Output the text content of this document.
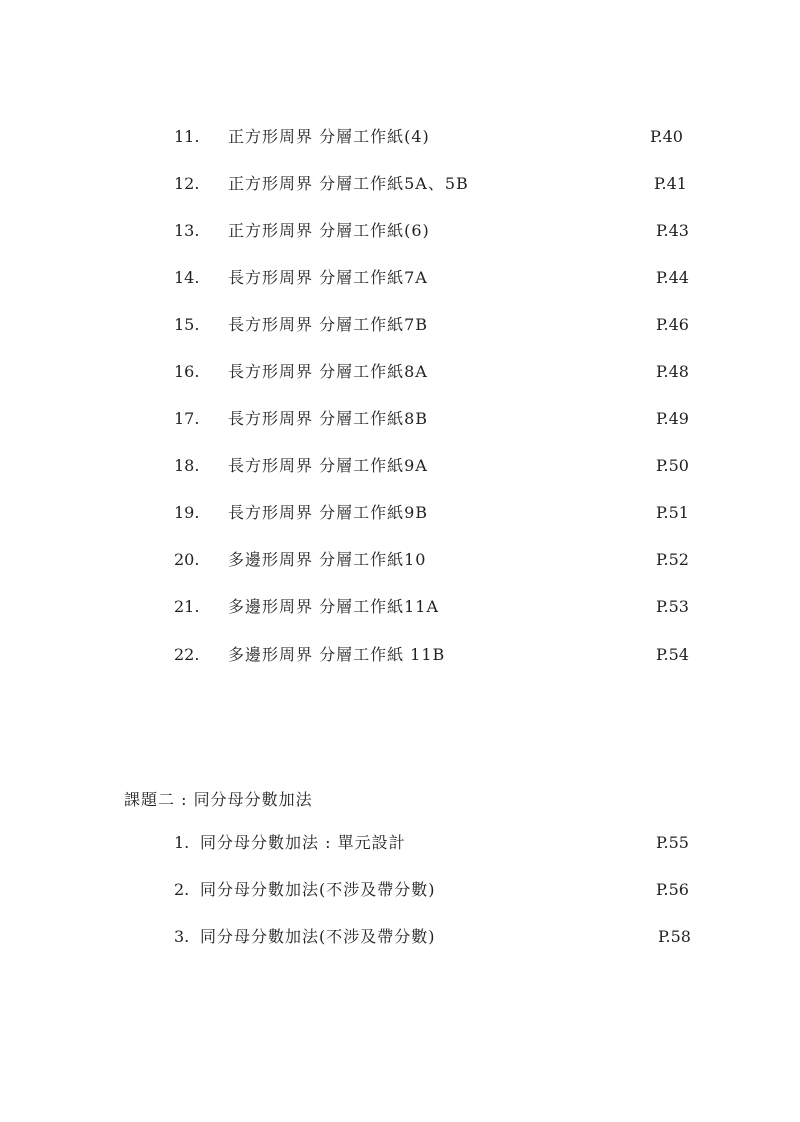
11. 正方形周界 分層工作紙(4)	P.40
12. 正方形周界 分層工作紙5A、5B	P.41
13. 正方形周界 分層工作紙(6)	P.43
14. 長方形周界 分層工作紙7A	P.44
15. 長方形周界 分層工作紙7B	P.46
16. 長方形周界 分層工作紙8A	P.48
17. 長方形周界 分層工作紙8B	P.49
18. 長方形周界 分層工作紙9A	P.50
19. 長方形周界 分層工作紙9B	P.51
20. 多邊形周界 分層工作紙10	P.52
21. 多邊形周界 分層工作紙11A	P.53
22. 多邊形周界 分層工作紙 11B	P.54
課題二 : 同分母分數加法
1. 同分母分數加法 : 單元設計	P.55
2. 同分母分數加法(不涉及帶分數)	P.56
3. 同分母分數加法(不涉及帶分數)	P.58
